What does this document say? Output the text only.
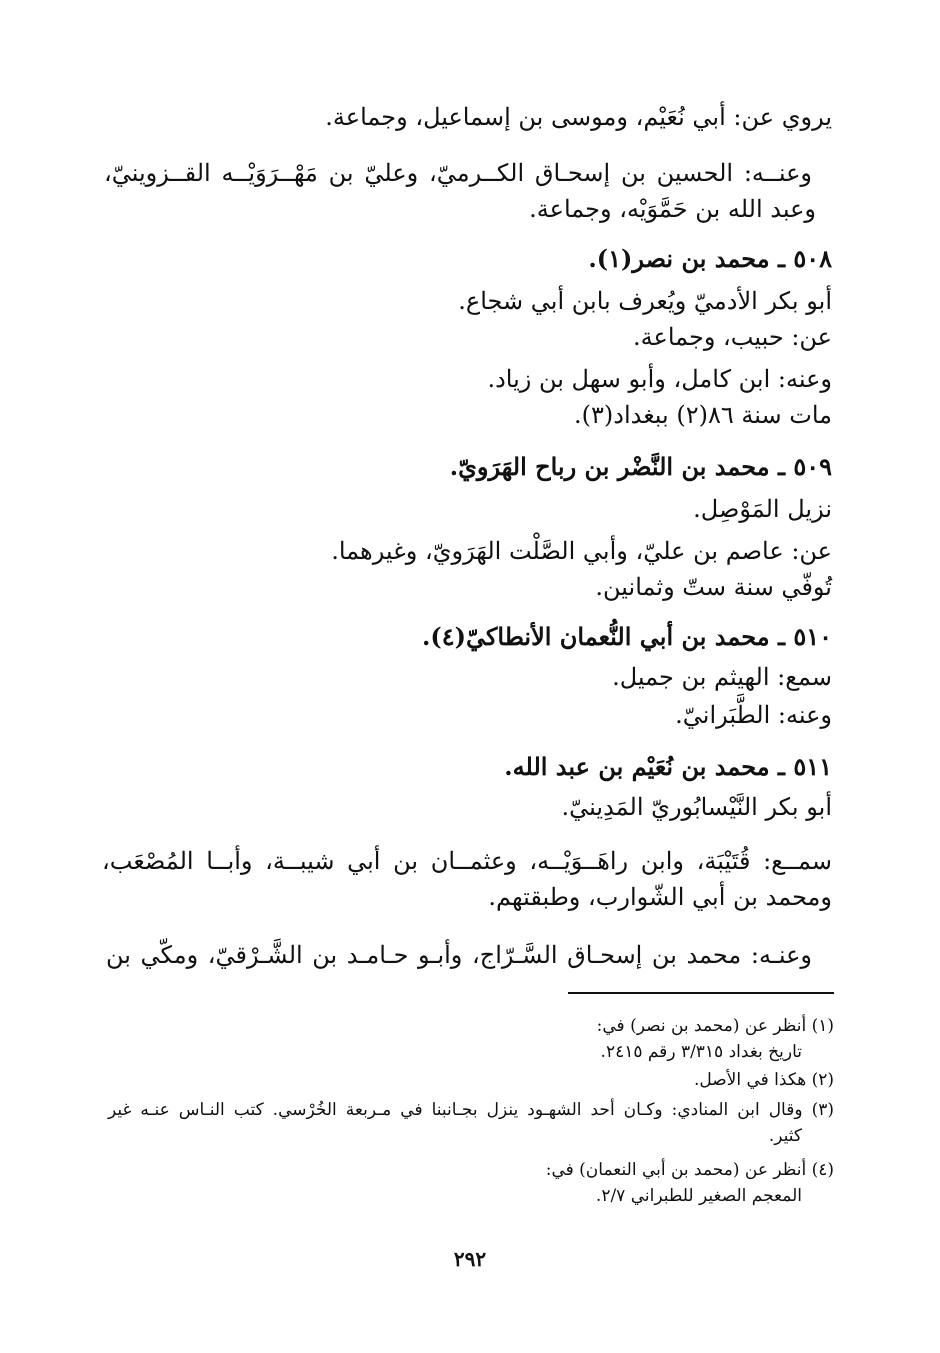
يروي عن: أبي نُعَيْم، وموسى بن إسماعيل، وجماعة.
وعنــه: الحسين بن إسحـاق الكــرميّ، وعليّ بن مَهْــرَوَيْــه القــزوينيّ،
وعبد الله بن حَمَّوَيْه، وجماعة.
٥٠٨ ـ محمد بن نصر(١).
أبو بكر الأدميّ ويُعرف بابن أبي شجاع.
عن: حبيب، وجماعة.
وعنه: ابن كامل، وأبو سهل بن زياد.
مات سنة ٨٦(٢) ببغداد(٣).
٥٠٩ ـ محمد بن النَّضْر بن رباح الهَرَويّ.
نزيل المَوْصِل.
عن: عاصم بن عليّ، وأبي الصَّلْت الهَرَويّ، وغيرهما.
تُوفّي سنة ستّ وثمانين.
٥١٠ ـ محمد بن أبي النُّعمان الأنطاكيّ(٤).
سمع: الهيثم بن جميل.
وعنه: الطَّبَرانيّ.
٥١١ ـ محمد بن نُعَيْم بن عبد الله.
أبو بكر النَّيْسابُوريّ المَدِينيّ.
سمــع: قُتَيْبَة، وابن راهَــوَيْــه، وعثمــان بن أبي شيبــة، وأبــا المُصْعَب،
ومحمد بن أبي الشّوارب، وطبقتهم.
وعنـه: محمد بن إسحـاق السَّـرّاج، وأبـو حـامـد بن الشَّـرْقيّ، ومكّي بن
(١) أنظر عن (محمد بن نصر) في:
تاريخ بغداد ٣/٣١٥ رقم ٢٤١٥.
(٢) هكذا في الأصل.
(٣) وقال ابن المنادي: وكـان أحد الشهـود ينزل بجـانبنا في مـربعة الخُرْسي. كتب النـاس عنـه غير
كثير.
(٤) أنظر عن (محمد بن أبي النعمان) في:
المعجم الصغير للطبراني ٢/٧.
٢٩٢
